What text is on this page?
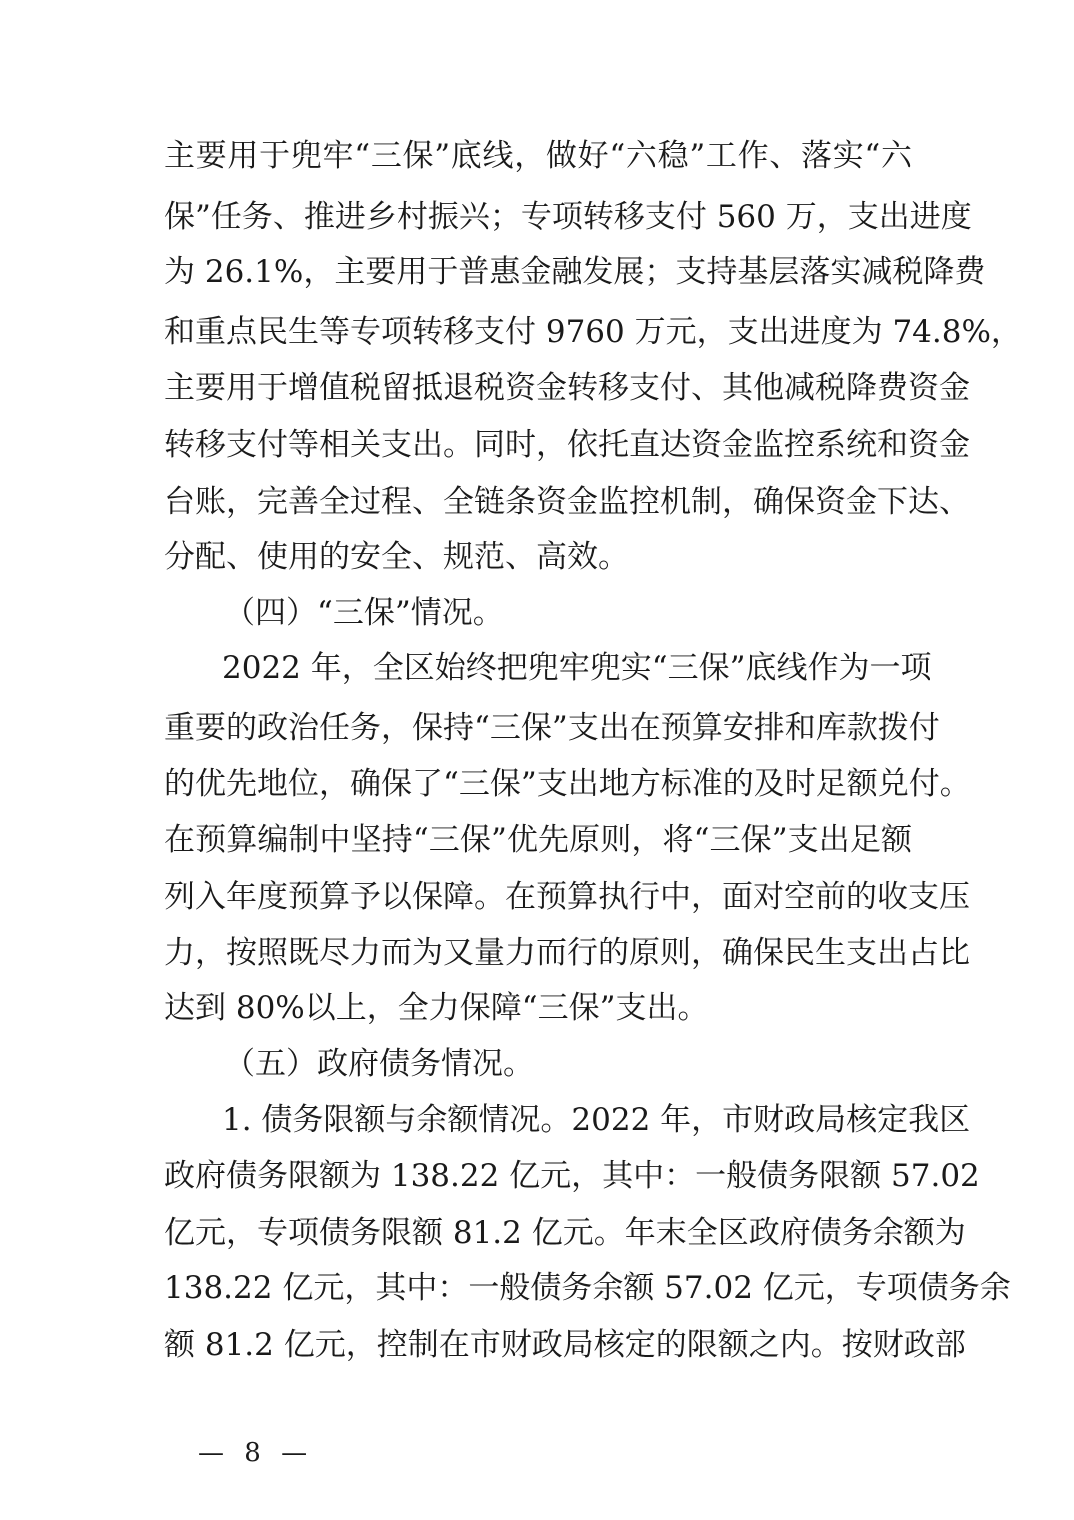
主要用于兜牢“三保”底线，做好“六稳”工作、落实“六
保”任务、推进乡村振兴；专项转移支付 560 万，支出进度
为 26.1%，主要用于普惠金融发展；支持基层落实减税降费
和重点民生等专项转移支付 9760 万元，支出进度为 74.8%，
主要用于增值税留抵退税资金转移支付、其他减税降费资金
转移支付等相关支出。同时，依托直达资金监控系统和资金
台账，完善全过程、全链条资金监控机制，确保资金下达、
分配、使用的安全、规范、高效。
（四）“三保”情况。
2022 年，全区始终把兜牢兜实“三保”底线作为一项
重要的政治任务，保持“三保”支出在预算安排和库款拨付
的优先地位，确保了“三保”支出地方标准的及时足额兑付。
在预算编制中坚持“三保”优先原则，将“三保”支出足额
列入年度预算予以保障。在预算执行中，面对空前的收支压
力，按照既尽力而为又量力而行的原则，确保民生支出占比
达到 80%以上，全力保障“三保”支出。
（五）政府债务情况。
1. 债务限额与余额情况。2022 年，市财政局核定我区
政府债务限额为 138.22 亿元，其中：一般债务限额 57.02
亿元，专项债务限额 81.2 亿元。年末全区政府债务余额为
138.22 亿元，其中：一般债务余额 57.02 亿元，专项债务余
额 81.2 亿元，控制在市财政局核定的限额之内。按财政部
— 8 —
